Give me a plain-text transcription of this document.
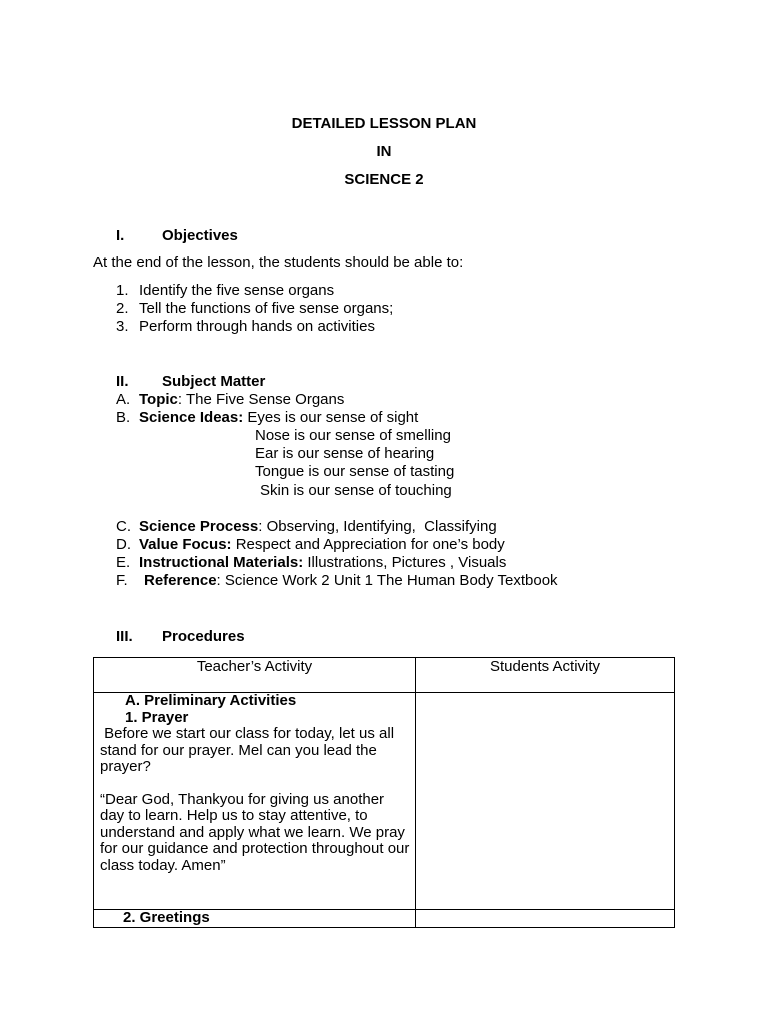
DETAILED LESSON PLAN
IN
SCIENCE 2
I.	Objectives
At the end of the lesson, the students should be able to:
1. Identify the five sense organs
2. Tell the functions of five sense organs;
3. Perform through hands on activities
II. Subject Matter
A. Topic: The Five Sense Organs
B. Science Ideas: Eyes is our sense of sight
Nose is our sense of smelling
Ear is our sense of hearing
Tongue is our sense of tasting
Skin is our sense of touching
C. Science Process: Observing, Identifying,  Classifying
D. Value Focus: Respect and Appreciation for one’s body
E. Instructional Materials: Illustrations, Pictures , Visuals
F. Reference: Science Work 2 Unit 1 The Human Body Textbook
III. Procedures
Teacher’s Activity	Students Activity

A. Preliminary Activities

1. Prayer

Before we start our class for today, let us all stand for our prayer. Mel can you lead the prayer?

“Dear God, Thankyou for giving us another day to learn. Help us to stay attentive, to understand and apply what we learn. We pray for our guidance and protection throughout our class today. Amen”	

2. Greetings	
